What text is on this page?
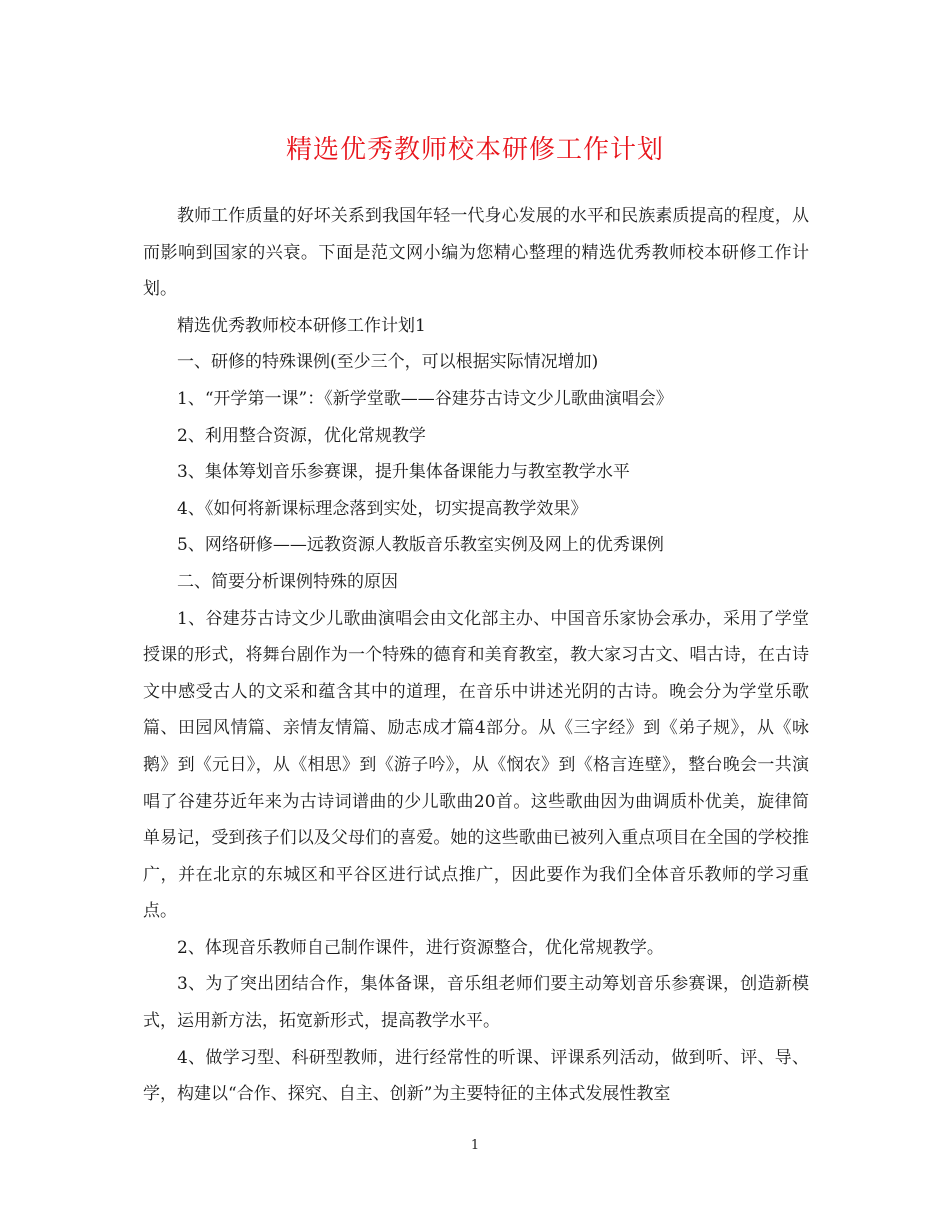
精选优秀教师校本研修工作计划

教师工作质量的好坏关系到我国年轻一代身心发展的水平和民族素质提高的程度，从而影响到国家的兴衰。下面是范文网小编为您精心整理的精选优秀教师校本研修工作计划。

精选优秀教师校本研修工作计划1

一、研修的特殊课例(至少三个，可以根据实际情况增加)

1、“开学第一课”：《新学堂歌——谷建芬古诗文少儿歌曲演唱会》

2、利用整合资源，优化常规教学

3、集体筹划音乐参赛课，提升集体备课能力与教室教学水平

4、《如何将新课标理念落到实处，切实提高教学效果》

5、网络研修——远教资源人教版音乐教室实例及网上的优秀课例

二、简要分析课例特殊的原因

1、谷建芬古诗文少儿歌曲演唱会由文化部主办、中国音乐家协会承办，采用了学堂授课的形式，将舞台剧作为一个特殊的德育和美育教室，教大家习古文、唱古诗，在古诗文中感受古人的文采和蕴含其中的道理，在音乐中讲述光阴的古诗。晚会分为学堂乐歌篇、田园风情篇、亲情友情篇、励志成才篇4部分。从《三字经》到《弟子规》，从《咏鹅》到《元日》，从《相思》到《游子吟》，从《悯农》到《格言连壁》，整台晚会一共演唱了谷建芬近年来为古诗词谱曲的少儿歌曲20首。这些歌曲因为曲调质朴优美，旋律简单易记，受到孩子们以及父母们的喜爱。她的这些歌曲已被列入重点项目在全国的学校推广，并在北京的东城区和平谷区进行试点推广，因此要作为我们全体音乐教师的学习重点。

2、体现音乐教师自己制作课件，进行资源整合，优化常规教学。

3、为了突出团结合作，集体备课，音乐组老师们要主动筹划音乐参赛课，创造新模式，运用新方法，拓宽新形式，提高教学水平。

4、做学习型、科研型教师，进行经常性的听课、评课系列活动，做到听、评、导、学，构建以“合作、探究、自主、创新”为主要特征的主体式发展性教室

1
